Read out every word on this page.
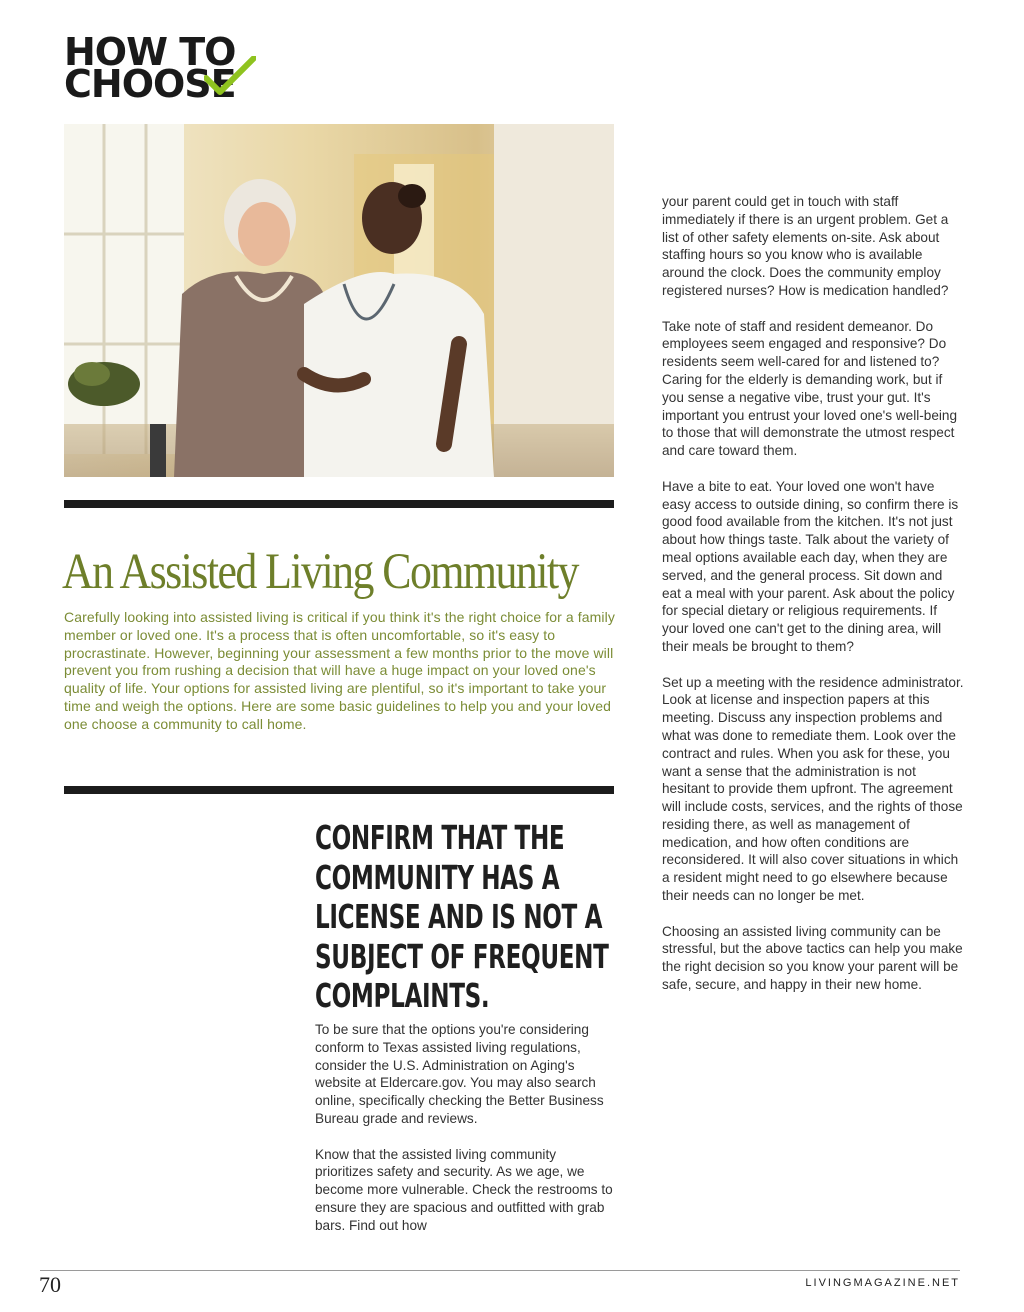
HOW TO
CHOOSE
An Assisted Living Community
Carefully looking into assisted living is critical if you think it's the right choice for a family member or loved one. It's a process that is often uncomfortable, so it's easy to procrastinate. However, beginning your assessment a few months prior to the move will prevent you from rushing a decision that will have a huge impact on your loved one's quality of life. Your options for assisted living are plentiful, so it's important to take your time and weigh the options. Here are some basic guidelines to help you and your loved one choose a community to call home.
CONFIRM THAT THE COMMUNITY HAS A LICENSE AND IS NOT A SUBJECT OF FREQUENT COMPLAINTS.

To be sure that the options you're considering conform to Texas assisted living regulations, consider the U.S. Administration on Aging's website at Eldercare.gov. You may also search online, specifically checking the Better Business Bureau grade and reviews.

Know that the assisted living community prioritizes safety and security. As we age, we become more vulnerable. Check the restrooms to ensure they are spacious and outfitted with grab bars. Find out how

your parent could get in touch with staff immediately if there is an urgent problem. Get a list of other safety elements on-site. Ask about staffing hours so you know who is available around the clock. Does the community employ registered nurses? How is medication handled?

Take note of staff and resident demeanor. Do employees seem engaged and responsive? Do residents seem well-cared for and listened to? Caring for the elderly is demanding work, but if you sense a negative vibe, trust your gut. It's important you entrust your loved one's well-being to those that will demonstrate the utmost respect and care toward them.

Have a bite to eat. Your loved one won't have easy access to outside dining, so confirm there is good food available from the kitchen. It's not just about how things taste. Talk about the variety of meal options available each day, when they are served, and the general process. Sit down and eat a meal with your parent. Ask about the policy for special dietary or religious requirements. If your loved one can't get to the dining area, will their meals be brought to them?

Set up a meeting with the residence administrator. Look at license and inspection papers at this meeting. Discuss any inspection problems and what was done to remediate them. Look over the contract and rules. When you ask for these, you want a sense that the administration is not hesitant to provide them upfront. The agreement will include costs, services, and the rights of those residing there, as well as management of medication, and how often conditions are reconsidered. It will also cover situations in which a resident might need to go elsewhere because their needs can no longer be met.

Choosing an assisted living community can be stressful, but the above tactics can help you make the right decision so you know your parent will be safe, secure, and happy in their new home.

70	LIVINGMAGAZINE.NET
